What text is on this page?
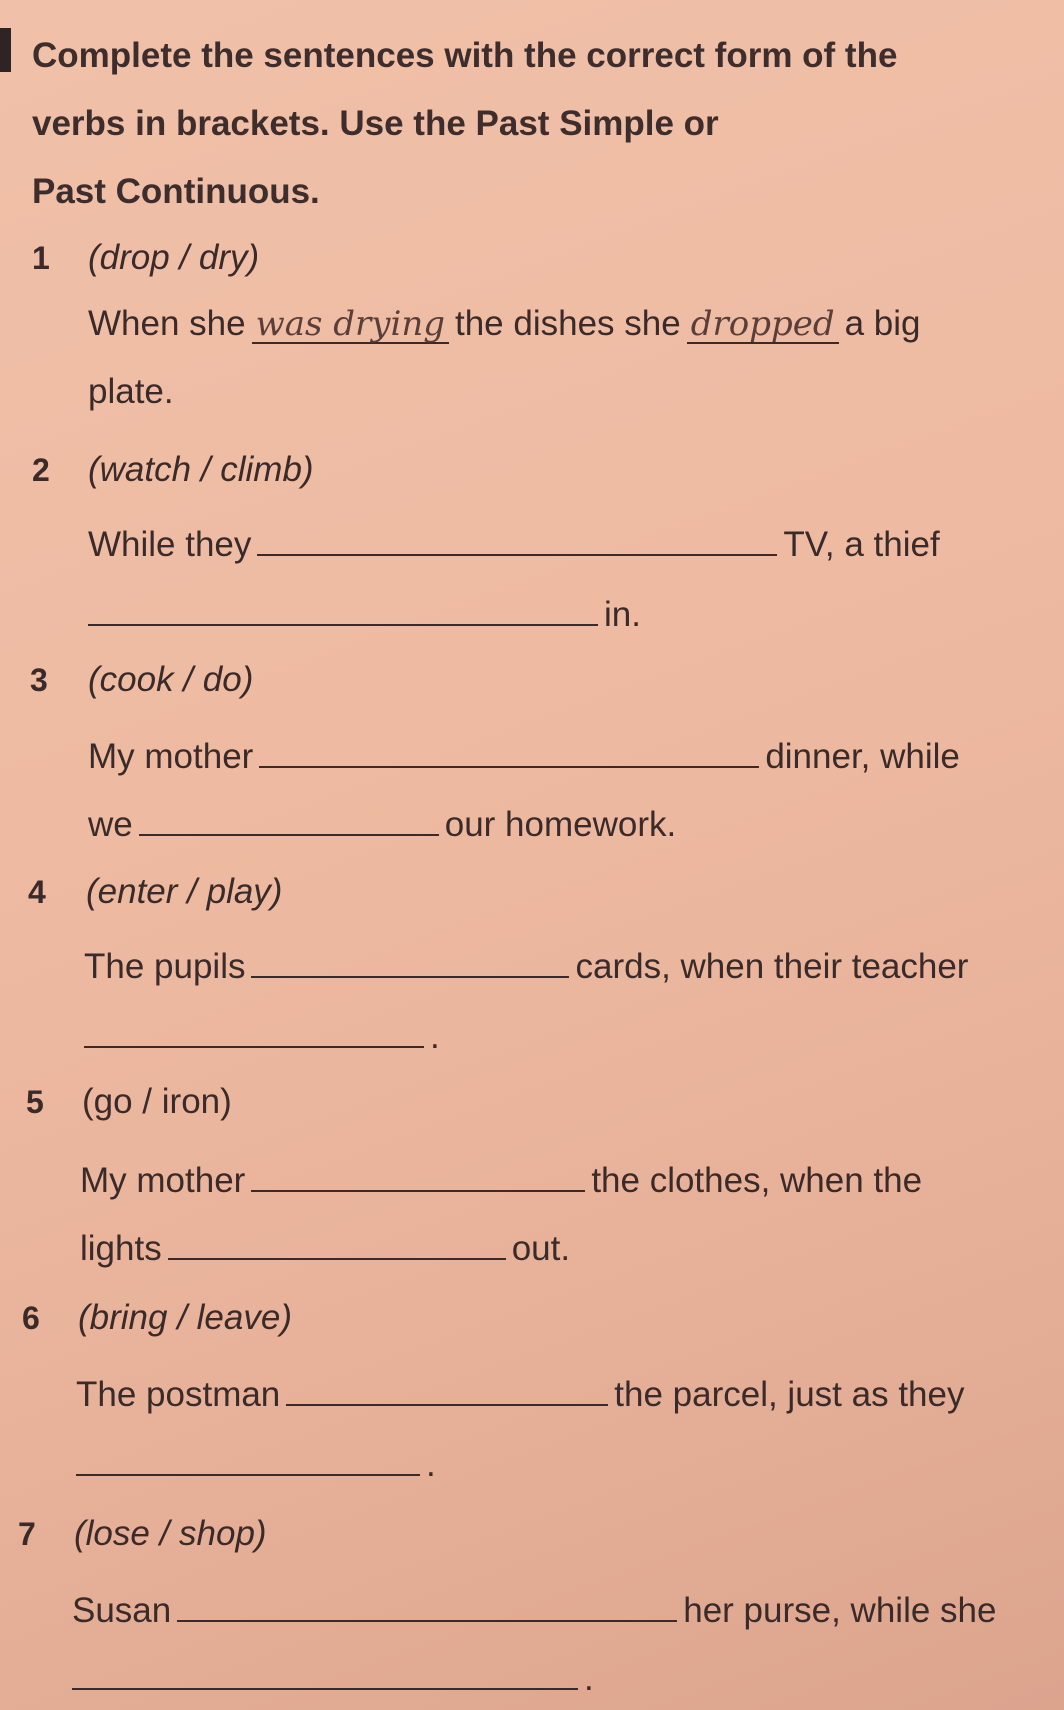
Complete the sentences with the correct form of the
verbs in brackets. Use the Past Simple or
Past Continuous.
1 (drop / dry)
When she was drying the dishes she dropped a big
plate.
2 (watch / climb)
While they	TV, a thief
in.
3 (cook / do)
My mother	dinner, while
we	our homework.
4 (enter / play)
The pupils	cards, when their teacher
.
5 (go / iron)
My mother	the clothes, when the
lights	out.
6 (bring / leave)
The postman	the parcel, just as they
.
7 (lose / shop)
Susan	her purse, while she
.
